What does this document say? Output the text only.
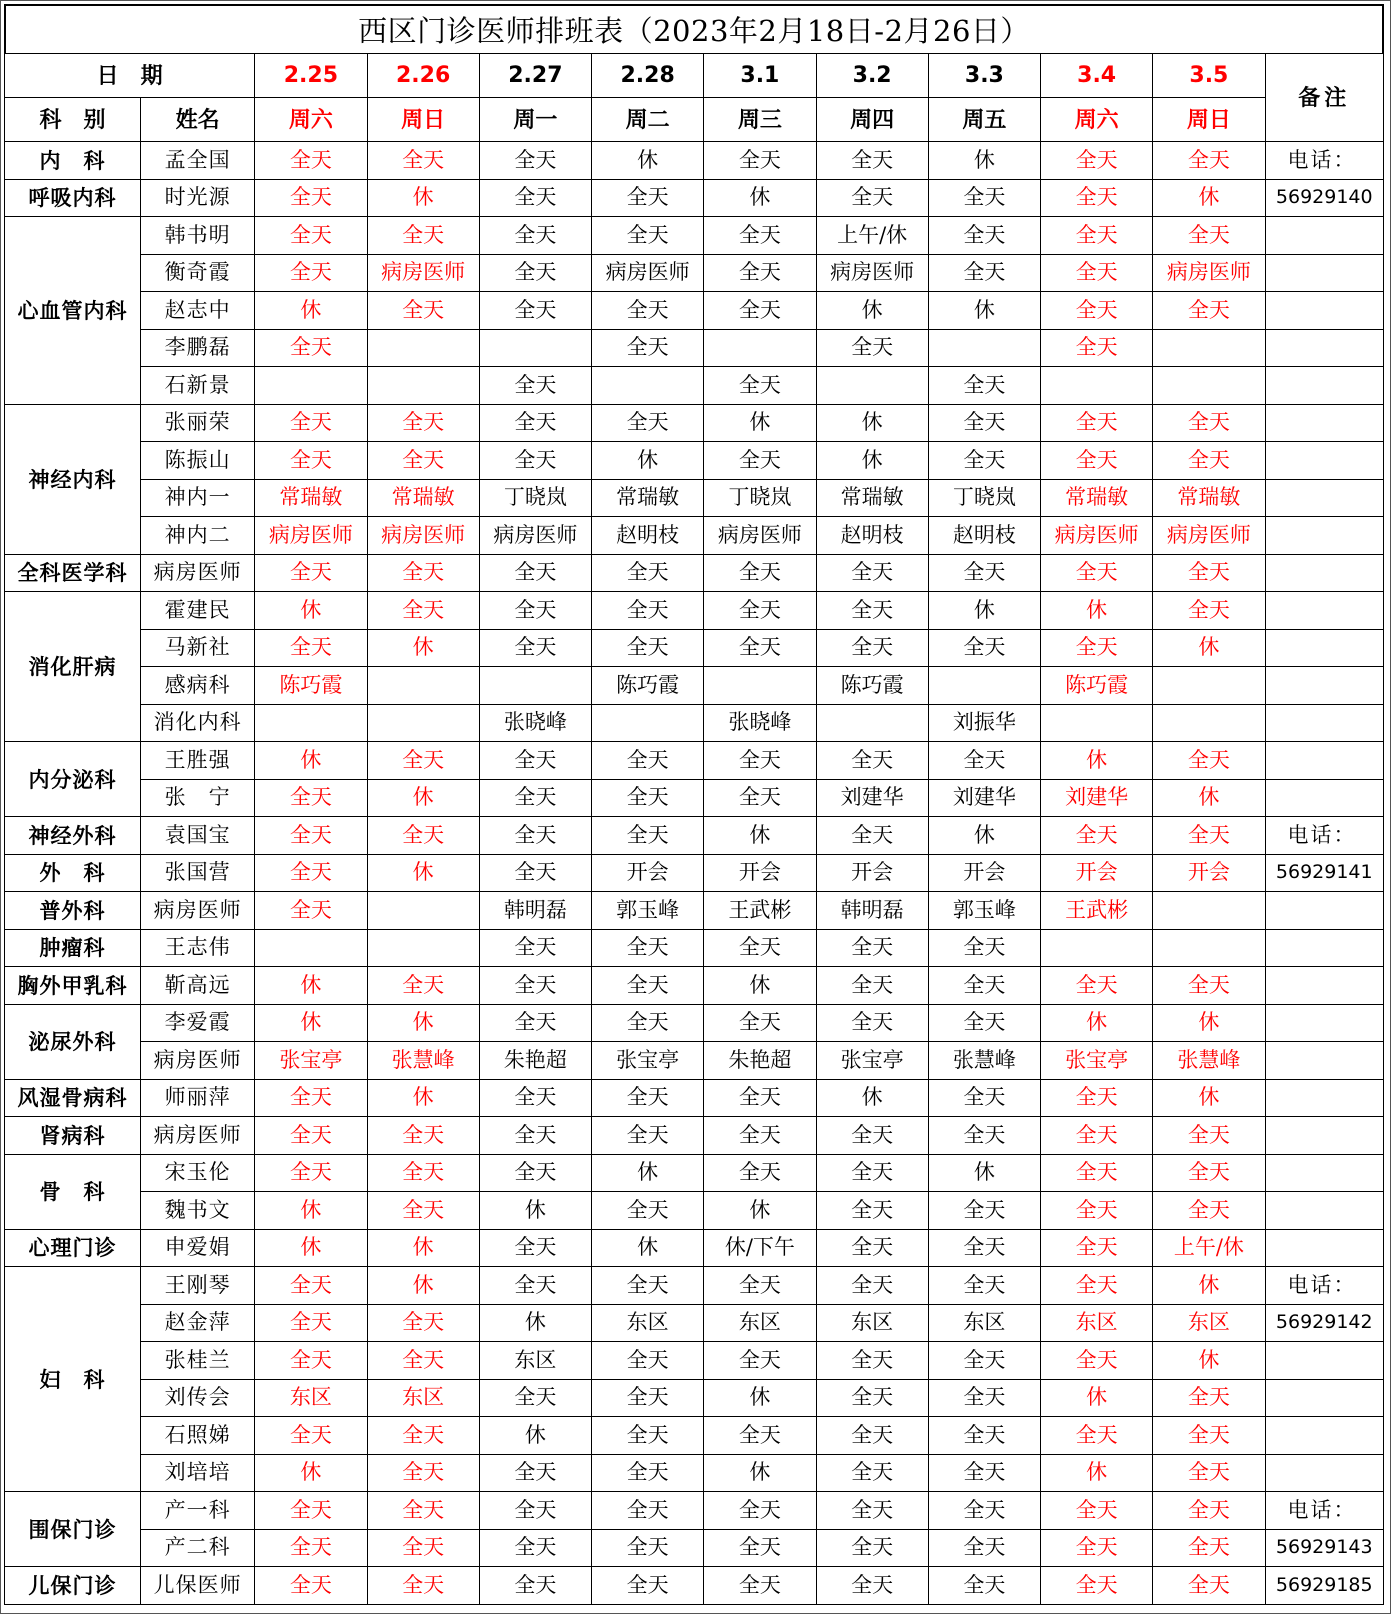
西区门诊医师排班表（2023年2月18日-2月26日）
日　期		2.25	2.26	2.27	2.28	3.1	3.2	3.3	3.4	3.5	备注
科　别	姓名	周六	周日	周一	周二	周三	周四	周五	周六	周日	
内　科	孟全国	全天	全天	全天	休	全天	全天	休	全天	全天	电话：
呼吸内科	时光源	全天	休	全天	全天	休	全天	全天	全天	休	56929140
心血管内科	韩书明	全天	全天	全天	全天	全天	上午/休	全天	全天	全天	
	衡奇霞	全天	病房医师	全天	病房医师	全天	病房医师	全天	全天	病房医师	
	赵志中	休	全天	全天	全天	全天	休	休	全天	全天	
	李鹏磊	全天			全天		全天		全天		
	石新景			全天		全天		全天			
神经内科	张丽荣	全天	全天	全天	全天	休	休	全天	全天	全天	
	陈振山	全天	全天	全天	休	全天	休	全天	全天	全天	
	神内一	常瑞敏	常瑞敏	丁晓岚	常瑞敏	丁晓岚	常瑞敏	丁晓岚	常瑞敏	常瑞敏	
	神内二	病房医师	病房医师	病房医师	赵明枝	病房医师	赵明枝	赵明枝	病房医师	病房医师	
全科医学科	病房医师	全天	全天	全天	全天	全天	全天	全天	全天	全天	
消化肝病	霍建民	休	全天	全天	全天	全天	全天	休	休	全天	
	马新社	全天	休	全天	全天	全天	全天	全天	全天	休	
	感病科	陈巧霞			陈巧霞		陈巧霞		陈巧霞		
	消化内科			张晓峰		张晓峰		刘振华			
内分泌科	王胜强	休	全天	全天	全天	全天	全天	全天	休	全天	
	张　宁	全天	休	全天	全天	全天	刘建华	刘建华	刘建华	休	
神经外科	袁国宝	全天	全天	全天	全天	休	全天	休	全天	全天	电话：
外　科	张国营	全天	休	全天	开会	开会	开会	开会	开会	开会	56929141
普外科	病房医师	全天		韩明磊	郭玉峰	王武彬	韩明磊	郭玉峰	王武彬		
肿瘤科	王志伟			全天	全天	全天	全天	全天			
胸外甲乳科	靳高远	休	全天	全天	全天	休	全天	全天	全天	全天	
泌尿外科	李爱霞	休	休	全天	全天	全天	全天	全天	休	休	
	病房医师	张宝亭	张慧峰	朱艳超	张宝亭	朱艳超	张宝亭	张慧峰	张宝亭	张慧峰	
风湿骨病科	师丽萍	全天	休	全天	全天	全天	休	全天	全天	休	
肾病科	病房医师	全天	全天	全天	全天	全天	全天	全天	全天	全天	
骨　科	宋玉伦	全天	全天	全天	休	全天	全天	休	全天	全天	
	魏书文	休	全天	休	全天	休	全天	全天	全天	全天	
心理门诊	申爱娟	休	休	全天	休	休/下午	全天	全天	全天	上午/休	
妇　科	王刚琴	全天	休	全天	全天	全天	全天	全天	全天	休	电话：
	赵金萍	全天	全天	休	东区	东区	东区	东区	东区	东区	56929142
	张桂兰	全天	全天	东区	全天	全天	全天	全天	全天	休	
	刘传会	东区	东区	全天	全天	休	全天	全天	休	全天	
	石照娣	全天	全天	休	全天	全天	全天	全天	全天	全天	
	刘培培	休	全天	全天	全天	休	全天	全天	休	全天	
围保门诊	产一科	全天	全天	全天	全天	全天	全天	全天	全天	全天	电话：
	产二科	全天	全天	全天	全天	全天	全天	全天	全天	全天	56929143
儿保门诊	儿保医师	全天	全天	全天	全天	全天	全天	全天	全天	全天	56929185
